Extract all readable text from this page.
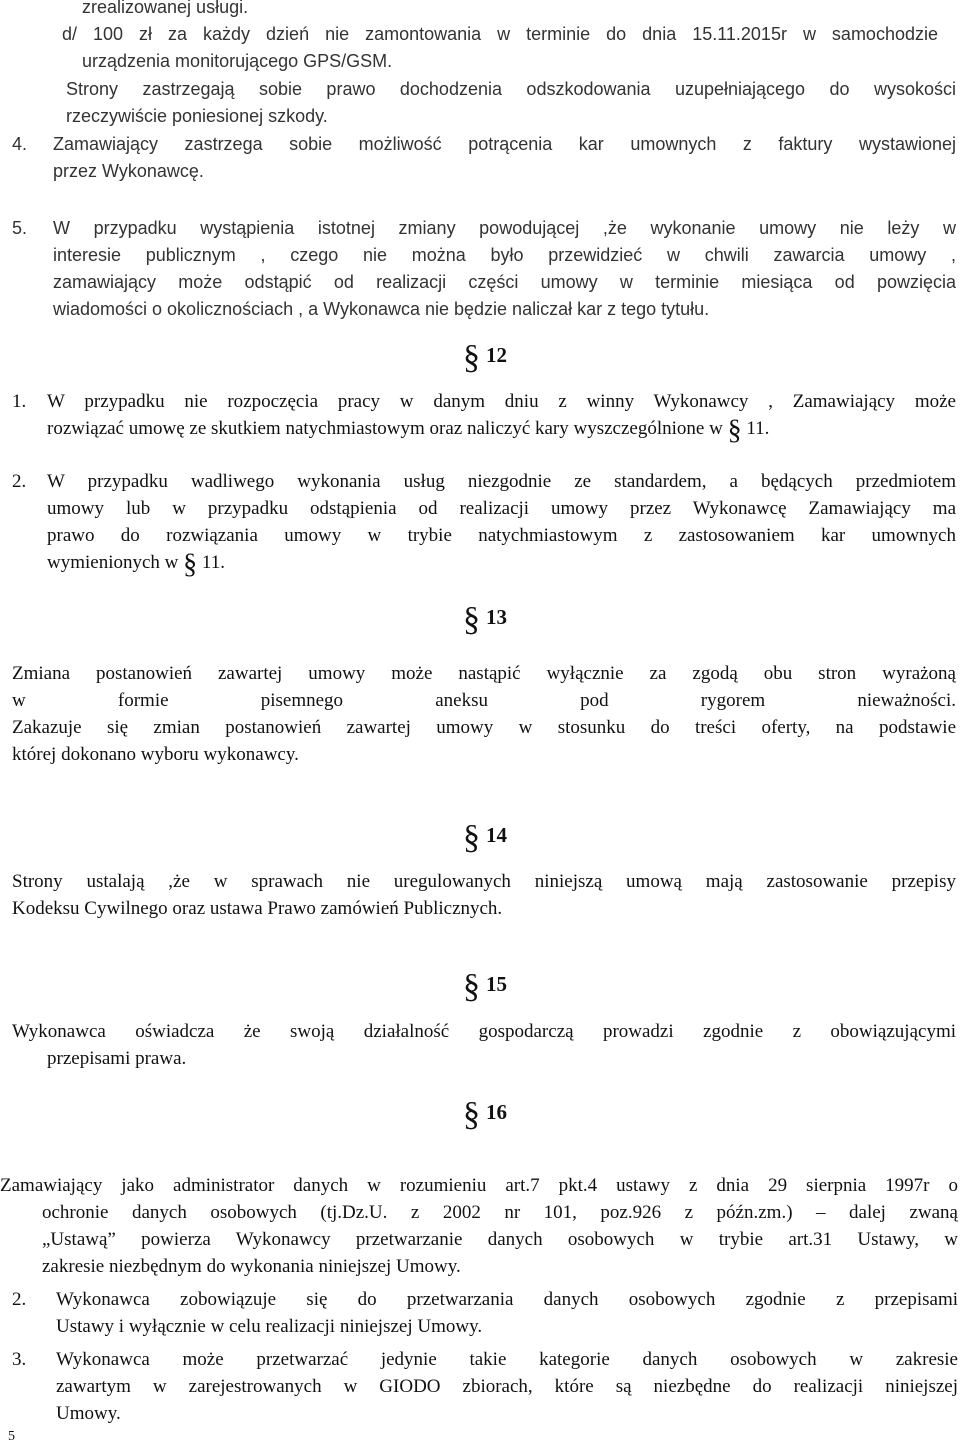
zrealizowanej usługi.

d/ 100 zł za każdy dzień nie zamontowania w terminie do dnia 15.11.2015r w samochodzie

urządzenia monitorującego GPS/GSM.

Strony zastrzegają sobie prawo dochodzenia odszkodowania uzupełniającego do wysokości

rzeczywiście poniesionej szkody.

4. Zamawiający zastrzega sobie możliwość potrącenia kar umownych z faktury wystawionej
przez Wykonawcę.
5. W przypadku wystąpienia istotnej zmiany powodującej ,że wykonanie umowy nie leży w
interesie publicznym , czego nie można było przewidzieć w chwili zawarcia umowy ,
zamawiający może odstąpić od realizacji części umowy w terminie miesiąca od powzięcia
wiadomości o okolicznościach , a Wykonawca nie będzie naliczał kar z tego tytułu.
§ 12
1. W przypadku nie rozpoczęcia pracy w danym dniu z winny Wykonawcy , Zamawiający może
rozwiązać umowę ze skutkiem natychmiastowym oraz naliczyć kary wyszczególnione w § 11.
2. W przypadku wadliwego wykonania usług niezgodnie ze standardem, a będących przedmiotem
umowy lub w przypadku odstąpienia od realizacji umowy przez Wykonawcę Zamawiający ma
prawo do rozwiązania umowy w trybie natychmiastowym z zastosowaniem kar umownych
wymienionych w § 11.
§ 13
Zmiana postanowień zawartej umowy może nastąpić wyłącznie za zgodą obu stron wyrażoną
w formie pisemnego aneksu pod rygorem nieważności.
Zakazuje się zmian postanowień zawartej umowy w stosunku do treści oferty, na podstawie
której dokonano wyboru wykonawcy.
§ 14
Strony ustalają ,że w sprawach nie uregulowanych niniejszą umową mają zastosowanie przepisy
Kodeksu Cywilnego oraz ustawa Prawo zamówień Publicznych.
§ 15
Wykonawca oświadcza że swoją działalność gospodarczą prowadzi zgodnie z obowiązującymi
przepisami prawa.
§ 16
Zamawiający jako administrator danych w rozumieniu art.7 pkt.4 ustawy z dnia 29 sierpnia 1997r o
ochronie danych osobowych (tj.Dz.U. z 2002 nr 101, poz.926 z późn.zm.) – dalej zwaną
„Ustawą” powierza Wykonawcy przetwarzanie danych osobowych w trybie art.31 Ustawy, w
zakresie niezbędnym do wykonania niniejszej Umowy.
2. Wykonawca zobowiązuje się do przetwarzania danych osobowych zgodnie z przepisami
Ustawy i wyłącznie w celu realizacji niniejszej Umowy.
3. Wykonawca może przetwarzać jedynie takie kategorie danych osobowych w zakresie
zawartym w zarejestrowanych w GIODO zbiorach, które są niezbędne do realizacji niniejszej
Umowy.
5
